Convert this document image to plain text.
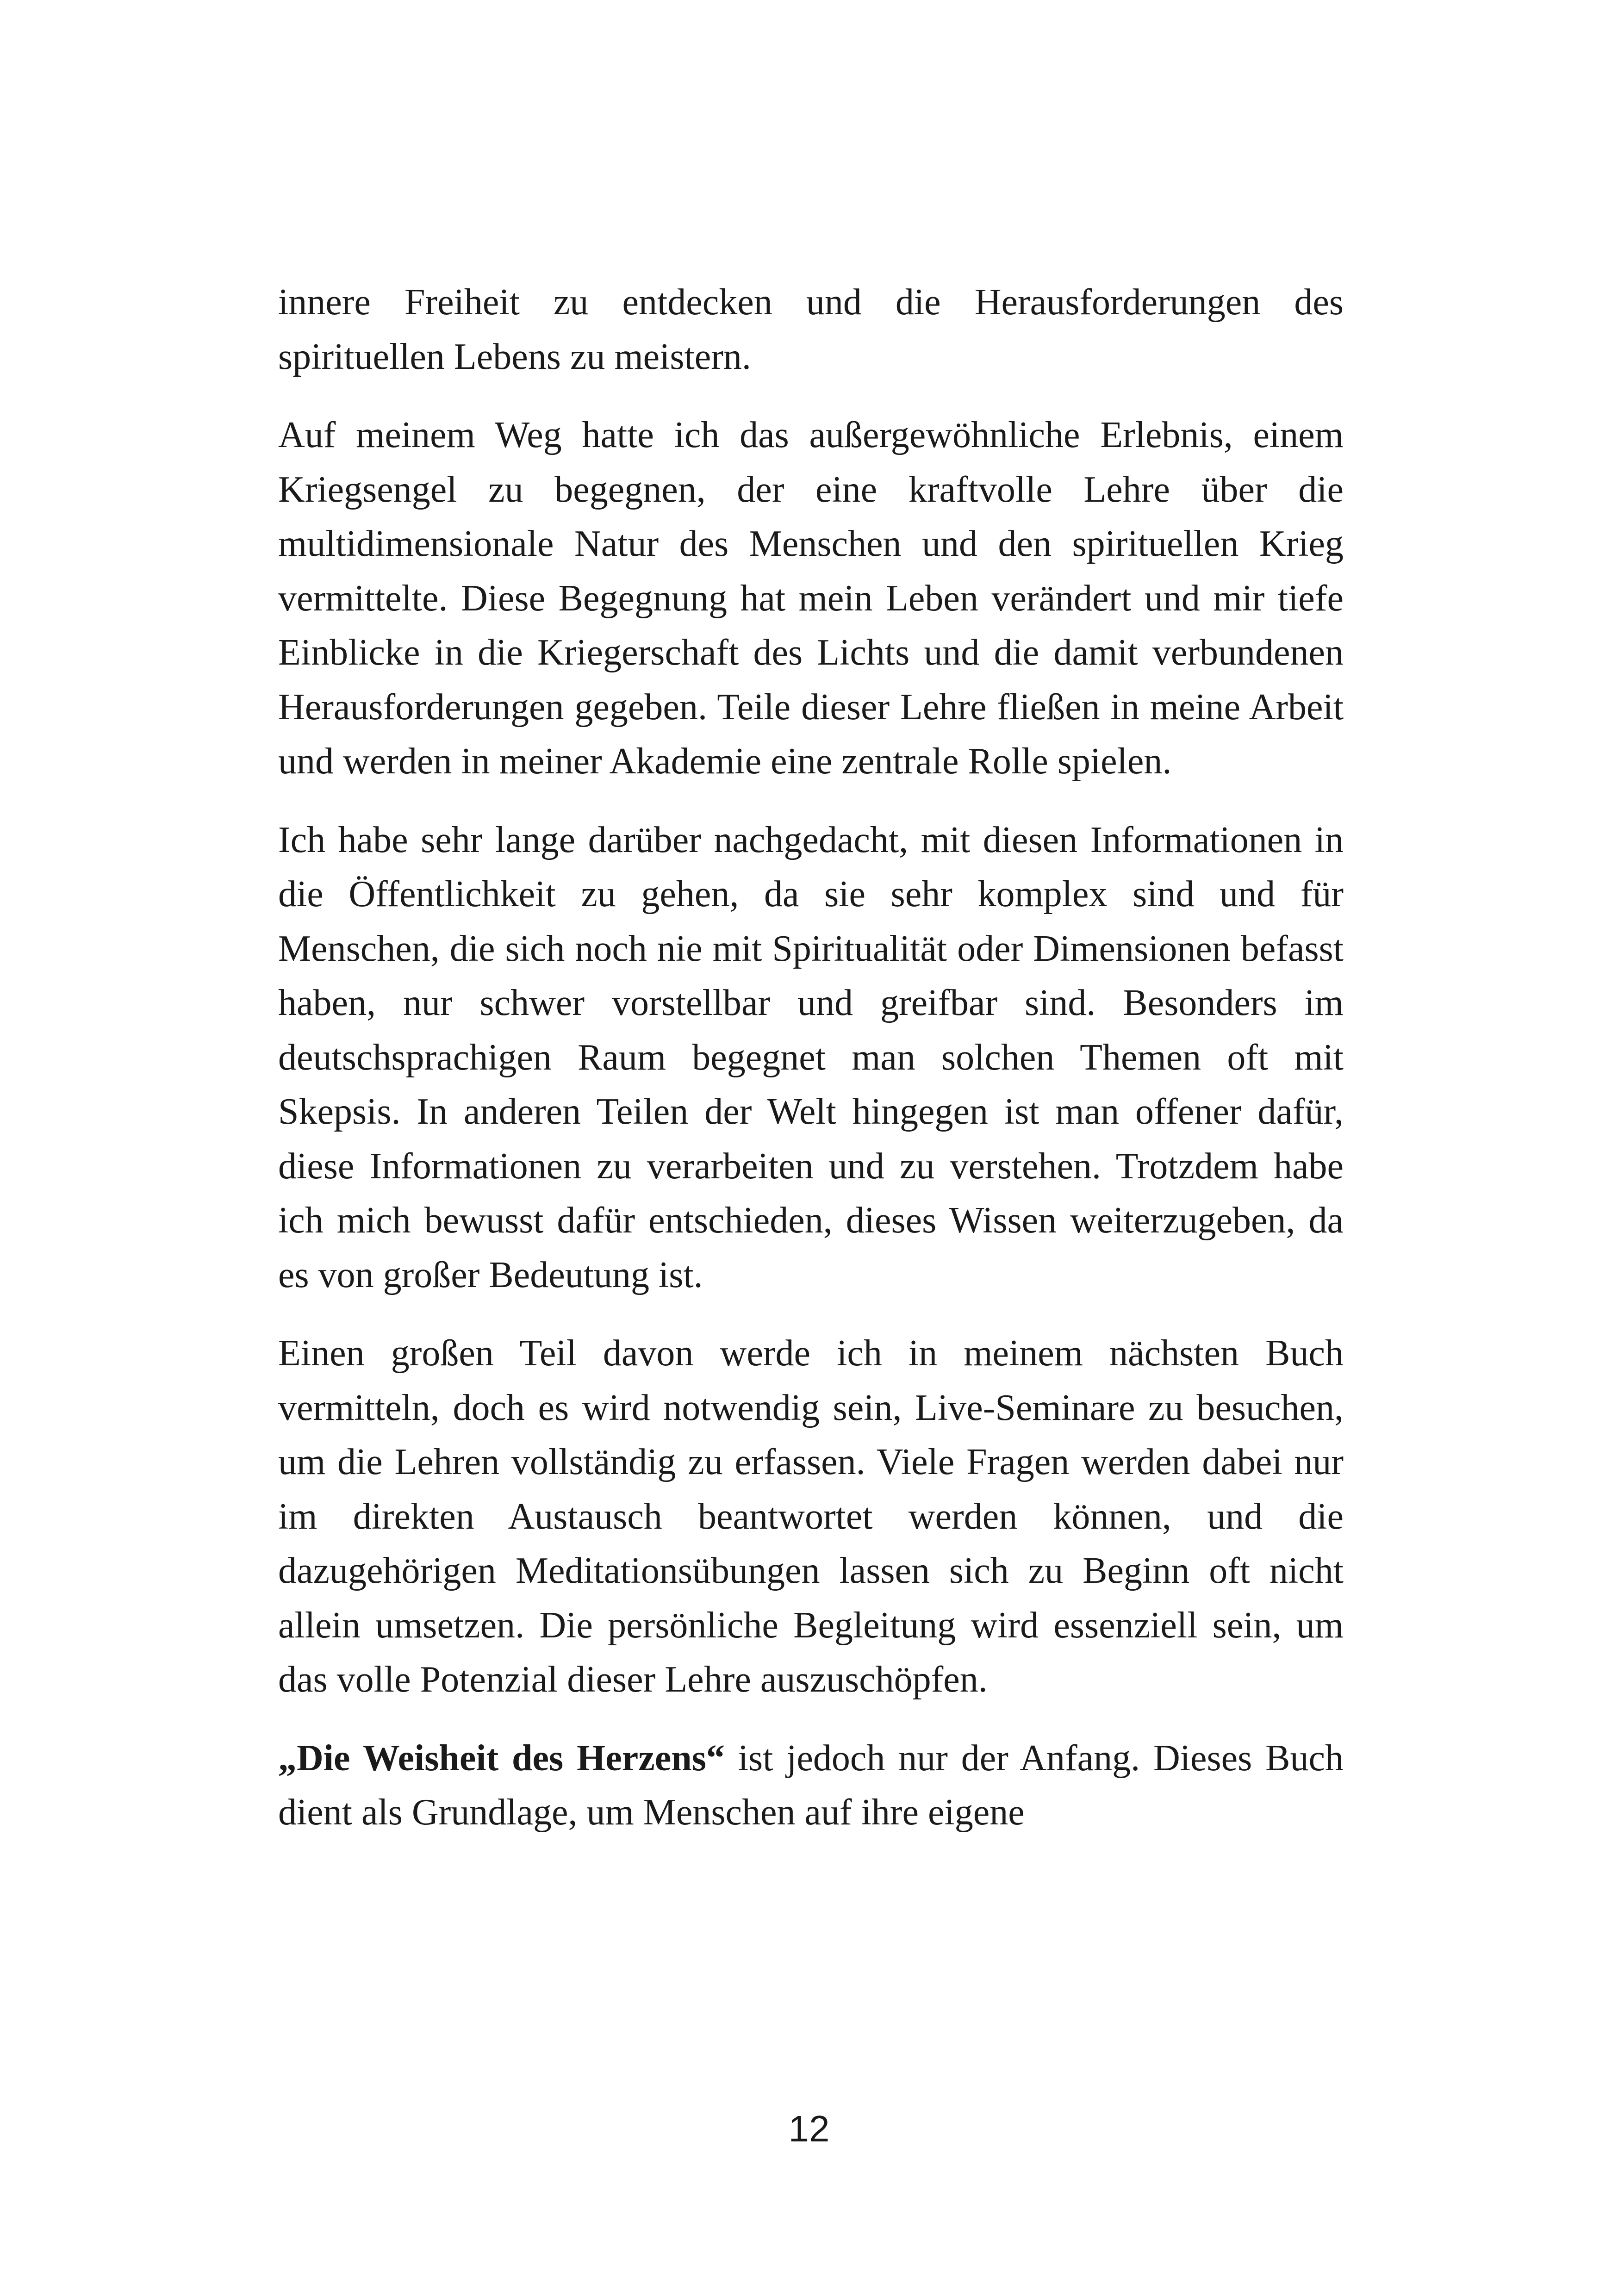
innere Freiheit zu entdecken und die Herausforderungen des spirituellen Lebens zu meistern.

Auf meinem Weg hatte ich das außergewöhnliche Erlebnis, einem Kriegsengel zu begegnen, der eine kraftvolle Lehre über die multidimensionale Natur des Menschen und den spirituellen Krieg vermittelte. Diese Begegnung hat mein Leben verändert und mir tiefe Einblicke in die Kriegerschaft des Lichts und die damit verbundenen Herausforderungen gegeben. Teile dieser Lehre fließen in meine Arbeit und werden in meiner Akademie eine zentrale Rolle spielen.

Ich habe sehr lange darüber nachgedacht, mit diesen Informationen in die Öffentlichkeit zu gehen, da sie sehr komplex sind und für Menschen, die sich noch nie mit Spiritualität oder Dimensionen befasst haben, nur schwer vorstellbar und greifbar sind. Besonders im deutschsprachigen Raum begegnet man solchen Themen oft mit Skepsis. In anderen Teilen der Welt hingegen ist man offener dafür, diese Informationen zu verarbeiten und zu verstehen. Trotzdem habe ich mich bewusst dafür entschieden, dieses Wissen weiterzugeben, da es von großer Bedeutung ist.

Einen großen Teil davon werde ich in meinem nächsten Buch vermitteln, doch es wird notwendig sein, Live-Seminare zu besuchen, um die Lehren vollständig zu erfassen. Viele Fragen werden dabei nur im direkten Austausch beantwortet werden können, und die dazugehörigen Meditationsübungen lassen sich zu Beginn oft nicht allein umsetzen. Die persönliche Begleitung wird essenziell sein, um das volle Potenzial dieser Lehre auszuschöpfen.

„Die Weisheit des Herzens“ ist jedoch nur der Anfang. Dieses Buch dient als Grundlage, um Menschen auf ihre eigene

12
